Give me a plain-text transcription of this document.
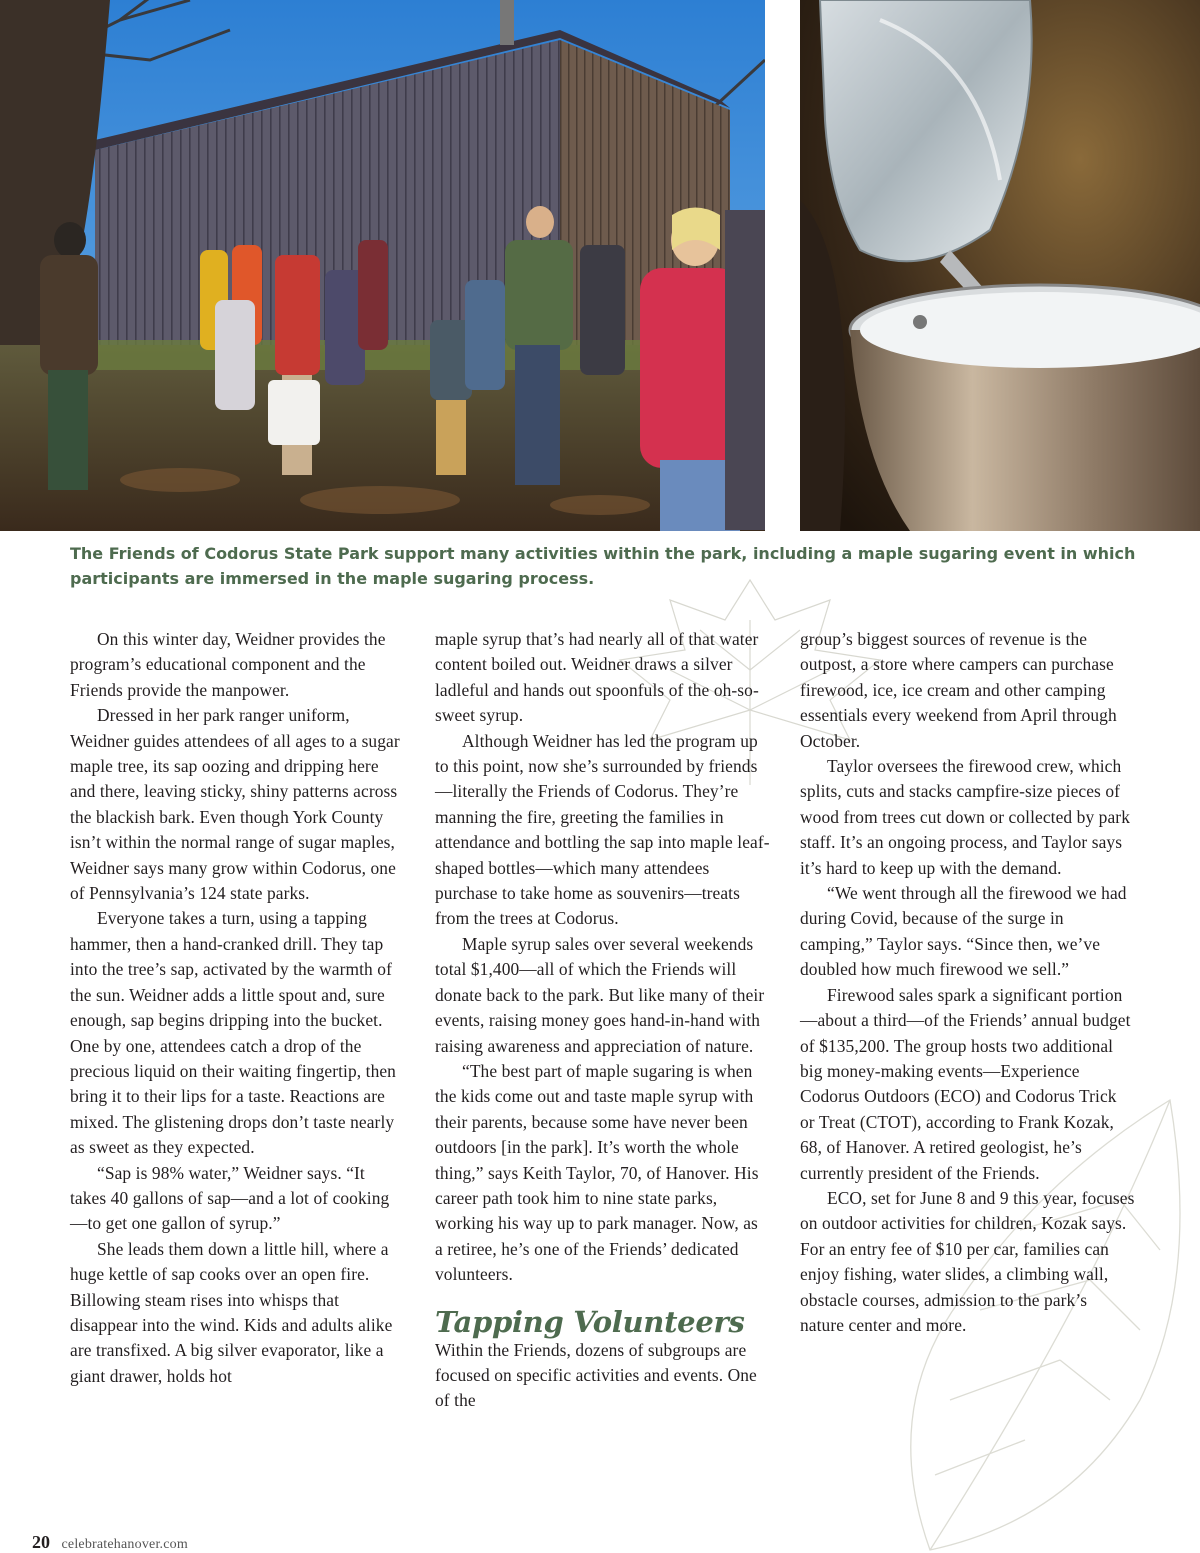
The Friends of Codorus State Park support many activities within the park, including a maple sugaring event in which participants are immersed in the maple sugaring process.

On this winter day, Weidner provides the program’s educational component and the Friends provide the manpower.

Dressed in her park ranger uniform, Weidner guides attendees of all ages to a sugar maple tree, its sap oozing and dripping here and there, leaving sticky, shiny patterns across the blackish bark. Even though York County isn’t within the normal range of sugar maples, Weidner says many grow within Codorus, one of Pennsylvania’s 124 state parks.

Everyone takes a turn, using a tapping hammer, then a hand-cranked drill. They tap into the tree’s sap, activated by the warmth of the sun. Weidner adds a little spout and, sure enough, sap begins dripping into the bucket. One by one, attendees catch a drop of the precious liquid on their waiting fingertip, then bring it to their lips for a taste. Reactions are mixed. The glistening drops don’t taste nearly as sweet as they expected.

“Sap is 98% water,” Weidner says. “It takes 40 gallons of sap—and a lot of cooking—to get one gallon of syrup.”

She leads them down a little hill, where a huge kettle of sap cooks over an open fire. Billowing steam rises into whisps that disappear into the wind. Kids and adults alike are transfixed. A big silver evaporator, like a giant drawer, holds hot

maple syrup that’s had nearly all of that water content boiled out. Weidner draws a silver ladleful and hands out spoonfuls of the oh-so-sweet syrup.

Although Weidner has led the program up to this point, now she’s surrounded by friends—literally the Friends of Codorus. They’re manning the fire, greeting the families in attendance and bottling the sap into maple leaf-shaped bottles—which many attendees purchase to take home as souvenirs—treats from the trees at Codorus.

Maple syrup sales over several weekends total $1,400—all of which the Friends will donate back to the park. But like many of their events, raising money goes hand-in-hand with raising awareness and appreciation of nature.

“The best part of maple sugaring is when the kids come out and taste maple syrup with their parents, because some have never been outdoors [in the park]. It’s worth the whole thing,” says Keith Taylor, 70, of Hanover. His career path took him to nine state parks, working his way up to park manager. Now, as a retiree, he’s one of the Friends’ dedicated volunteers.

Tapping Volunteers

Within the Friends, dozens of subgroups are focused on specific activities and events. One of the

group’s biggest sources of revenue is the outpost, a store where campers can purchase firewood, ice, ice cream and other camping essentials every weekend from April through October.

Taylor oversees the firewood crew, which splits, cuts and stacks campfire-size pieces of wood from trees cut down or collected by park staff. It’s an ongoing process, and Taylor says it’s hard to keep up with the demand.

“We went through all the firewood we had during Covid, because of the surge in camping,” Taylor says. “Since then, we’ve doubled how much firewood we sell.”

Firewood sales spark a significant portion—about a third—of the Friends’ annual budget of $135,200. The group hosts two additional big money-making events—Experience Codorus Outdoors (ECO) and Codorus Trick or Treat (CTOT), according to Frank Kozak, 68, of Hanover. A retired geologist, he’s currently president of the Friends.

ECO, set for June 8 and 9 this year, focuses on outdoor activities for children, Kozak says. For an entry fee of $10 per car, families can enjoy fishing, water slides, a climbing wall, obstacle courses, admission to the park’s nature center and more.

20 celebratehanover.com
